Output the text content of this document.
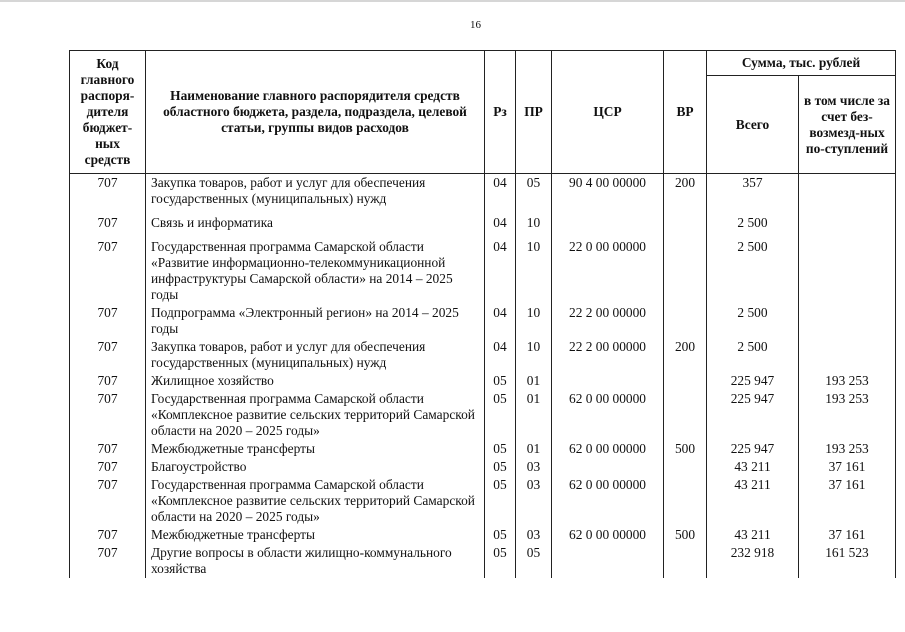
16
Код главного распоря-дителя бюджет-ных средств	Наименование главного распорядителя средств областного бюджета, раздела, подраздела, целевой статьи, группы видов расходов	Рз	ПР	ЦСР	ВР	Сумма, тыс. рублей	
						Всего	в том числе за счет без-возмезд-ных по-ступлений
707	Закупка товаров, работ и услуг для обеспечения государственных (муниципальных) нужд	04	05	90 4 00 00000	200	357	
707	Связь и информатика	04	10			2 500	
707	Государственная программа Самарской области «Развитие информационно-телекоммуникационной инфраструктуры Самарской области» на 2014 – 2025 годы	04	10	22 0 00 00000		2 500	
707	Подпрограмма «Электронный регион» на 2014 – 2025 годы	04	10	22 2 00 00000		2 500	
707	Закупка товаров, работ и услуг для обеспечения государственных (муниципальных) нужд	04	10	22 2 00 00000	200	2 500	
707	Жилищное хозяйство	05	01			225 947	193 253
707	Государственная программа Самарской области «Комплексное развитие сельских территорий Самарской области на 2020 – 2025 годы»	05	01	62 0 00 00000		225 947	193 253
707	Межбюджетные трансферты	05	01	62 0 00 00000	500	225 947	193 253
707	Благоустройство	05	03			43 211	37 161
707	Государственная программа Самарской области «Комплексное развитие сельских территорий Самарской области на 2020 – 2025 годы»	05	03	62 0 00 00000		43 211	37 161
707	Межбюджетные трансферты	05	03	62 0 00 00000	500	43 211	37 161
707	Другие вопросы в области жилищно-коммунального хозяйства	05	05			232 918	161 523
